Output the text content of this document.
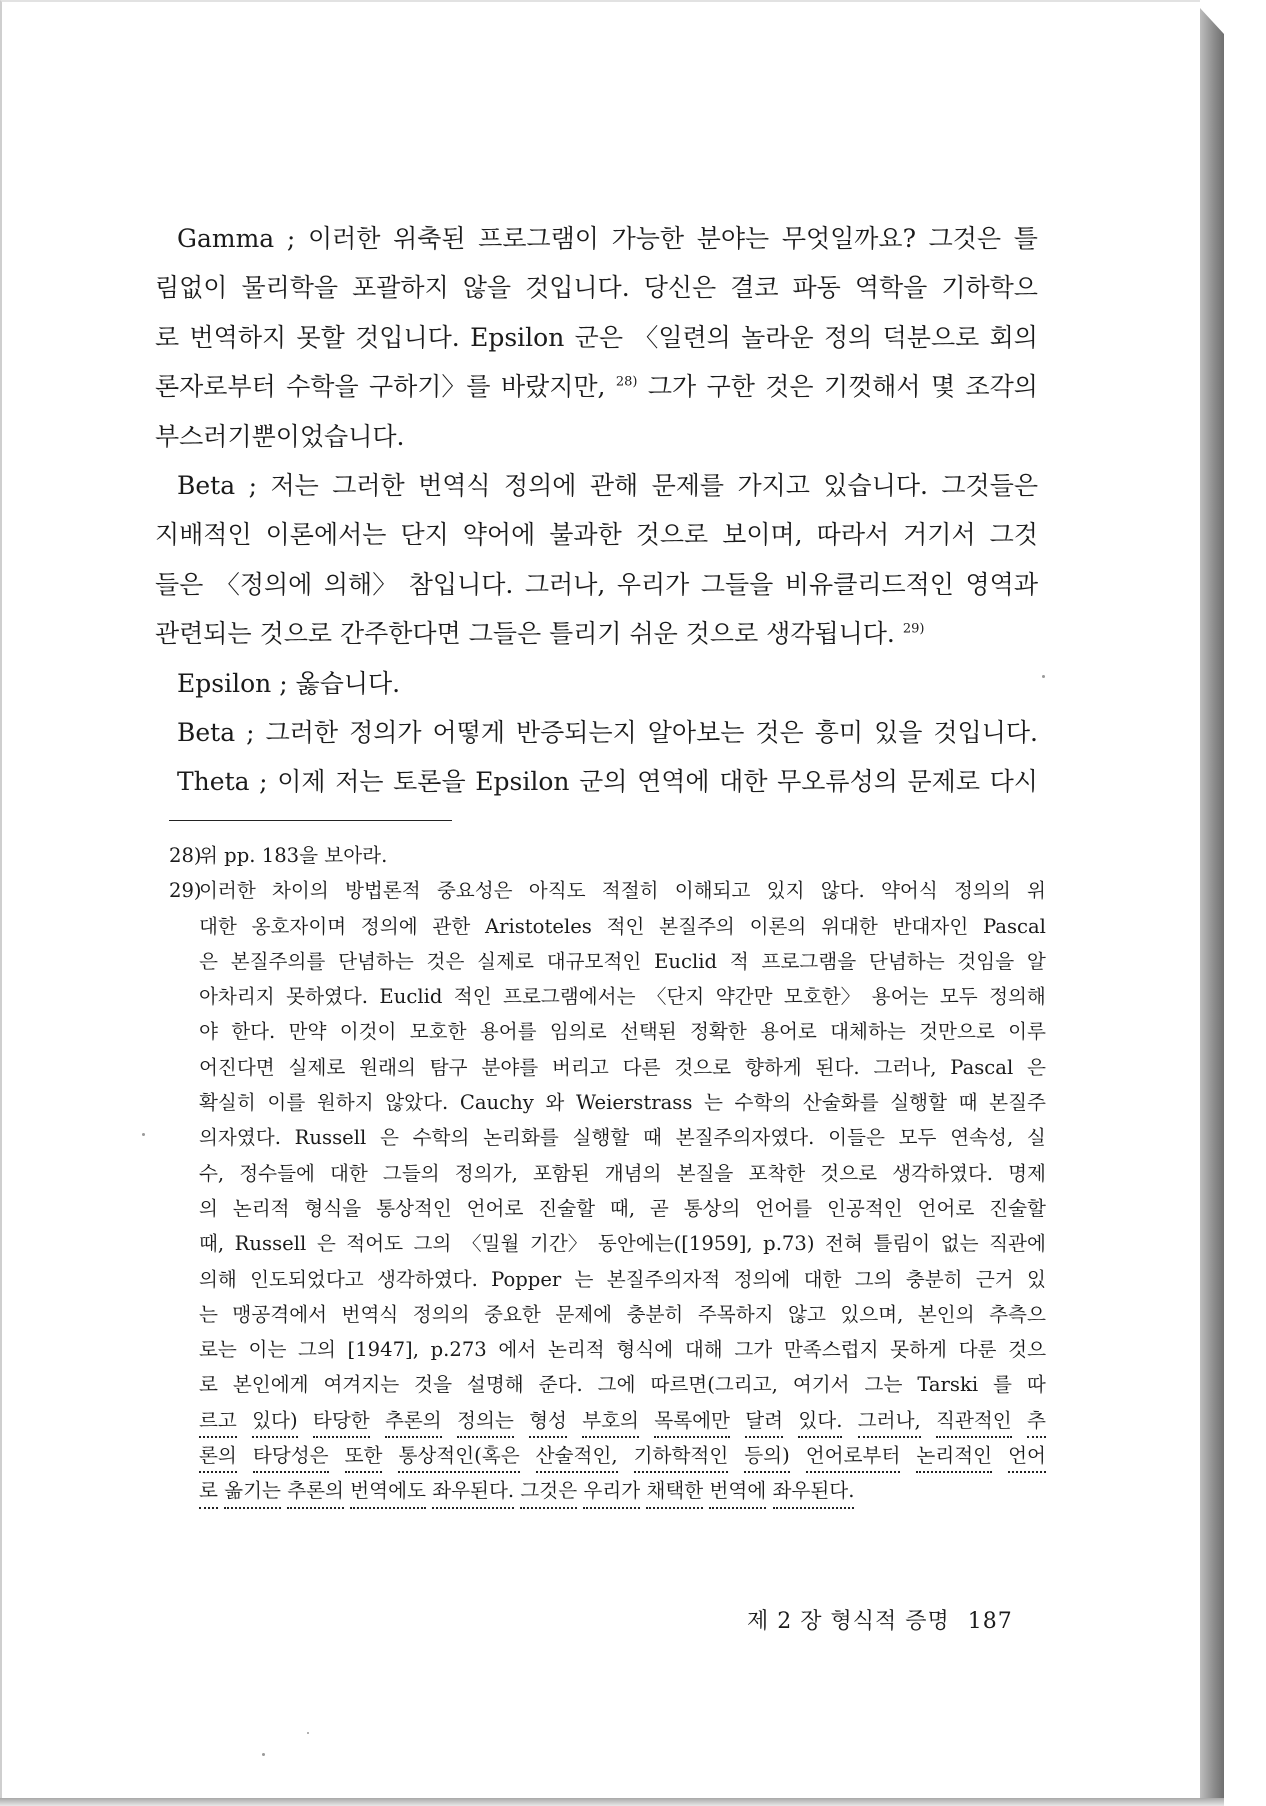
Gamma ; 이러한 위축된 프로그램이 가능한 분야는 무엇일까요? 그것은 틀
림없이 물리학을 포괄하지 않을 것입니다. 당신은 결코 파동 역학을 기하학으
로 번역하지 못할 것입니다. Epsilon 군은 〈일련의 놀라운 정의 덕분으로 회의
론자로부터 수학을 구하기〉를 바랐지만, $^{28)}$ 그가 구한 것은 기껏해서 몇 조각의
부스러기뿐이었습니다.

Beta ; 저는 그러한 번역식 정의에 관해 문제를 가지고 있습니다. 그것들은
지배적인 이론에서는 단지 약어에 불과한 것으로 보이며, 따라서 거기서 그것
들은 〈정의에 의해〉 참입니다. 그러나, 우리가 그들을 비유클리드적인 영역과
관련되는
것으로
간주한다면
그들은
틀리기
쉬운
것으로
생각됩니다.
$^{29)}$

Epsilon
;
옳습니다.

Beta ; 그러한 정의가 어떻게 반증되는지 알아보는 것은 흥미 있을 것입니다.
Theta ; 이제 저는 토론을 Epsilon 군의 연역에 대한 무오류성의 문제로 다시
28)
위
pp.
183을
보아라.

29)
이러한 차이의 방법론적 중요성은 아직도 적절히 이해되고 있지 않다. 약어식 정의의 위
대한 옹호자이며 정의에 관한 Aristoteles 적인 본질주의 이론의 위대한 반대자인 Pascal
은 본질주의를 단념하는 것은 실제로 대규모적인 Euclid 적 프로그램을 단념하는 것임을 알
아차리지 못하였다. Euclid 적인 프로그램에서는 〈단지 약간만 모호한〉 용어는 모두 정의해
야 한다. 만약 이것이 모호한 용어를 임의로 선택된 정확한 용어로 대체하는 것만으로 이루
어진다면 실제로 원래의 탐구 분야를 버리고 다른 것으로 향하게 된다. 그러나, Pascal 은
확실히 이를 원하지 않았다. Cauchy 와 Weierstrass 는 수학의 산술화를 실행할 때 본질주
의자였다. Russell 은 수학의 논리화를 실행할 때 본질주의자였다. 이들은 모두 연속성, 실
수, 정수들에 대한 그들의 정의가, 포함된 개념의 본질을 포착한 것으로 생각하였다. 명제
의 논리적 형식을 통상적인 언어로 진술할 때, 곧 통상의 언어를 인공적인 언어로 진술할
때, Russell 은 적어도 그의 〈밀월 기간〉 동안에는([1959], p.73) 전혀 틀림이 없는 직관에
의해 인도되었다고 생각하였다. Popper 는 본질주의자적 정의에 대한 그의 충분히 근거 있
는 맹공격에서 번역식 정의의 중요한 문제에 충분히 주목하지 않고 있으며, 본인의 추측으
로는 이는 그의 [1947], p.273 에서 논리적 형식에 대해 그가 만족스럽지 못하게 다룬 것으
로 본인에게 여겨지는 것을 설명해 준다. 그에 따르면(그리고, 여기서 그는 Tarski 를 따
르고 있다) 타당한 추론의 정의는 형성 부호의 목록에만 달려 있다. 그러나, 직관적인 추
론의 타당성은 또한 통상적인(혹은 산술적인, 기하학적인 등의) 언어로부터 논리적인 언어
로
옮기는
추론의
번역에도
좌우된다.
그것은
우리가
채택한
번역에
좌우된다.

제 2 장 형식적 증명 187
